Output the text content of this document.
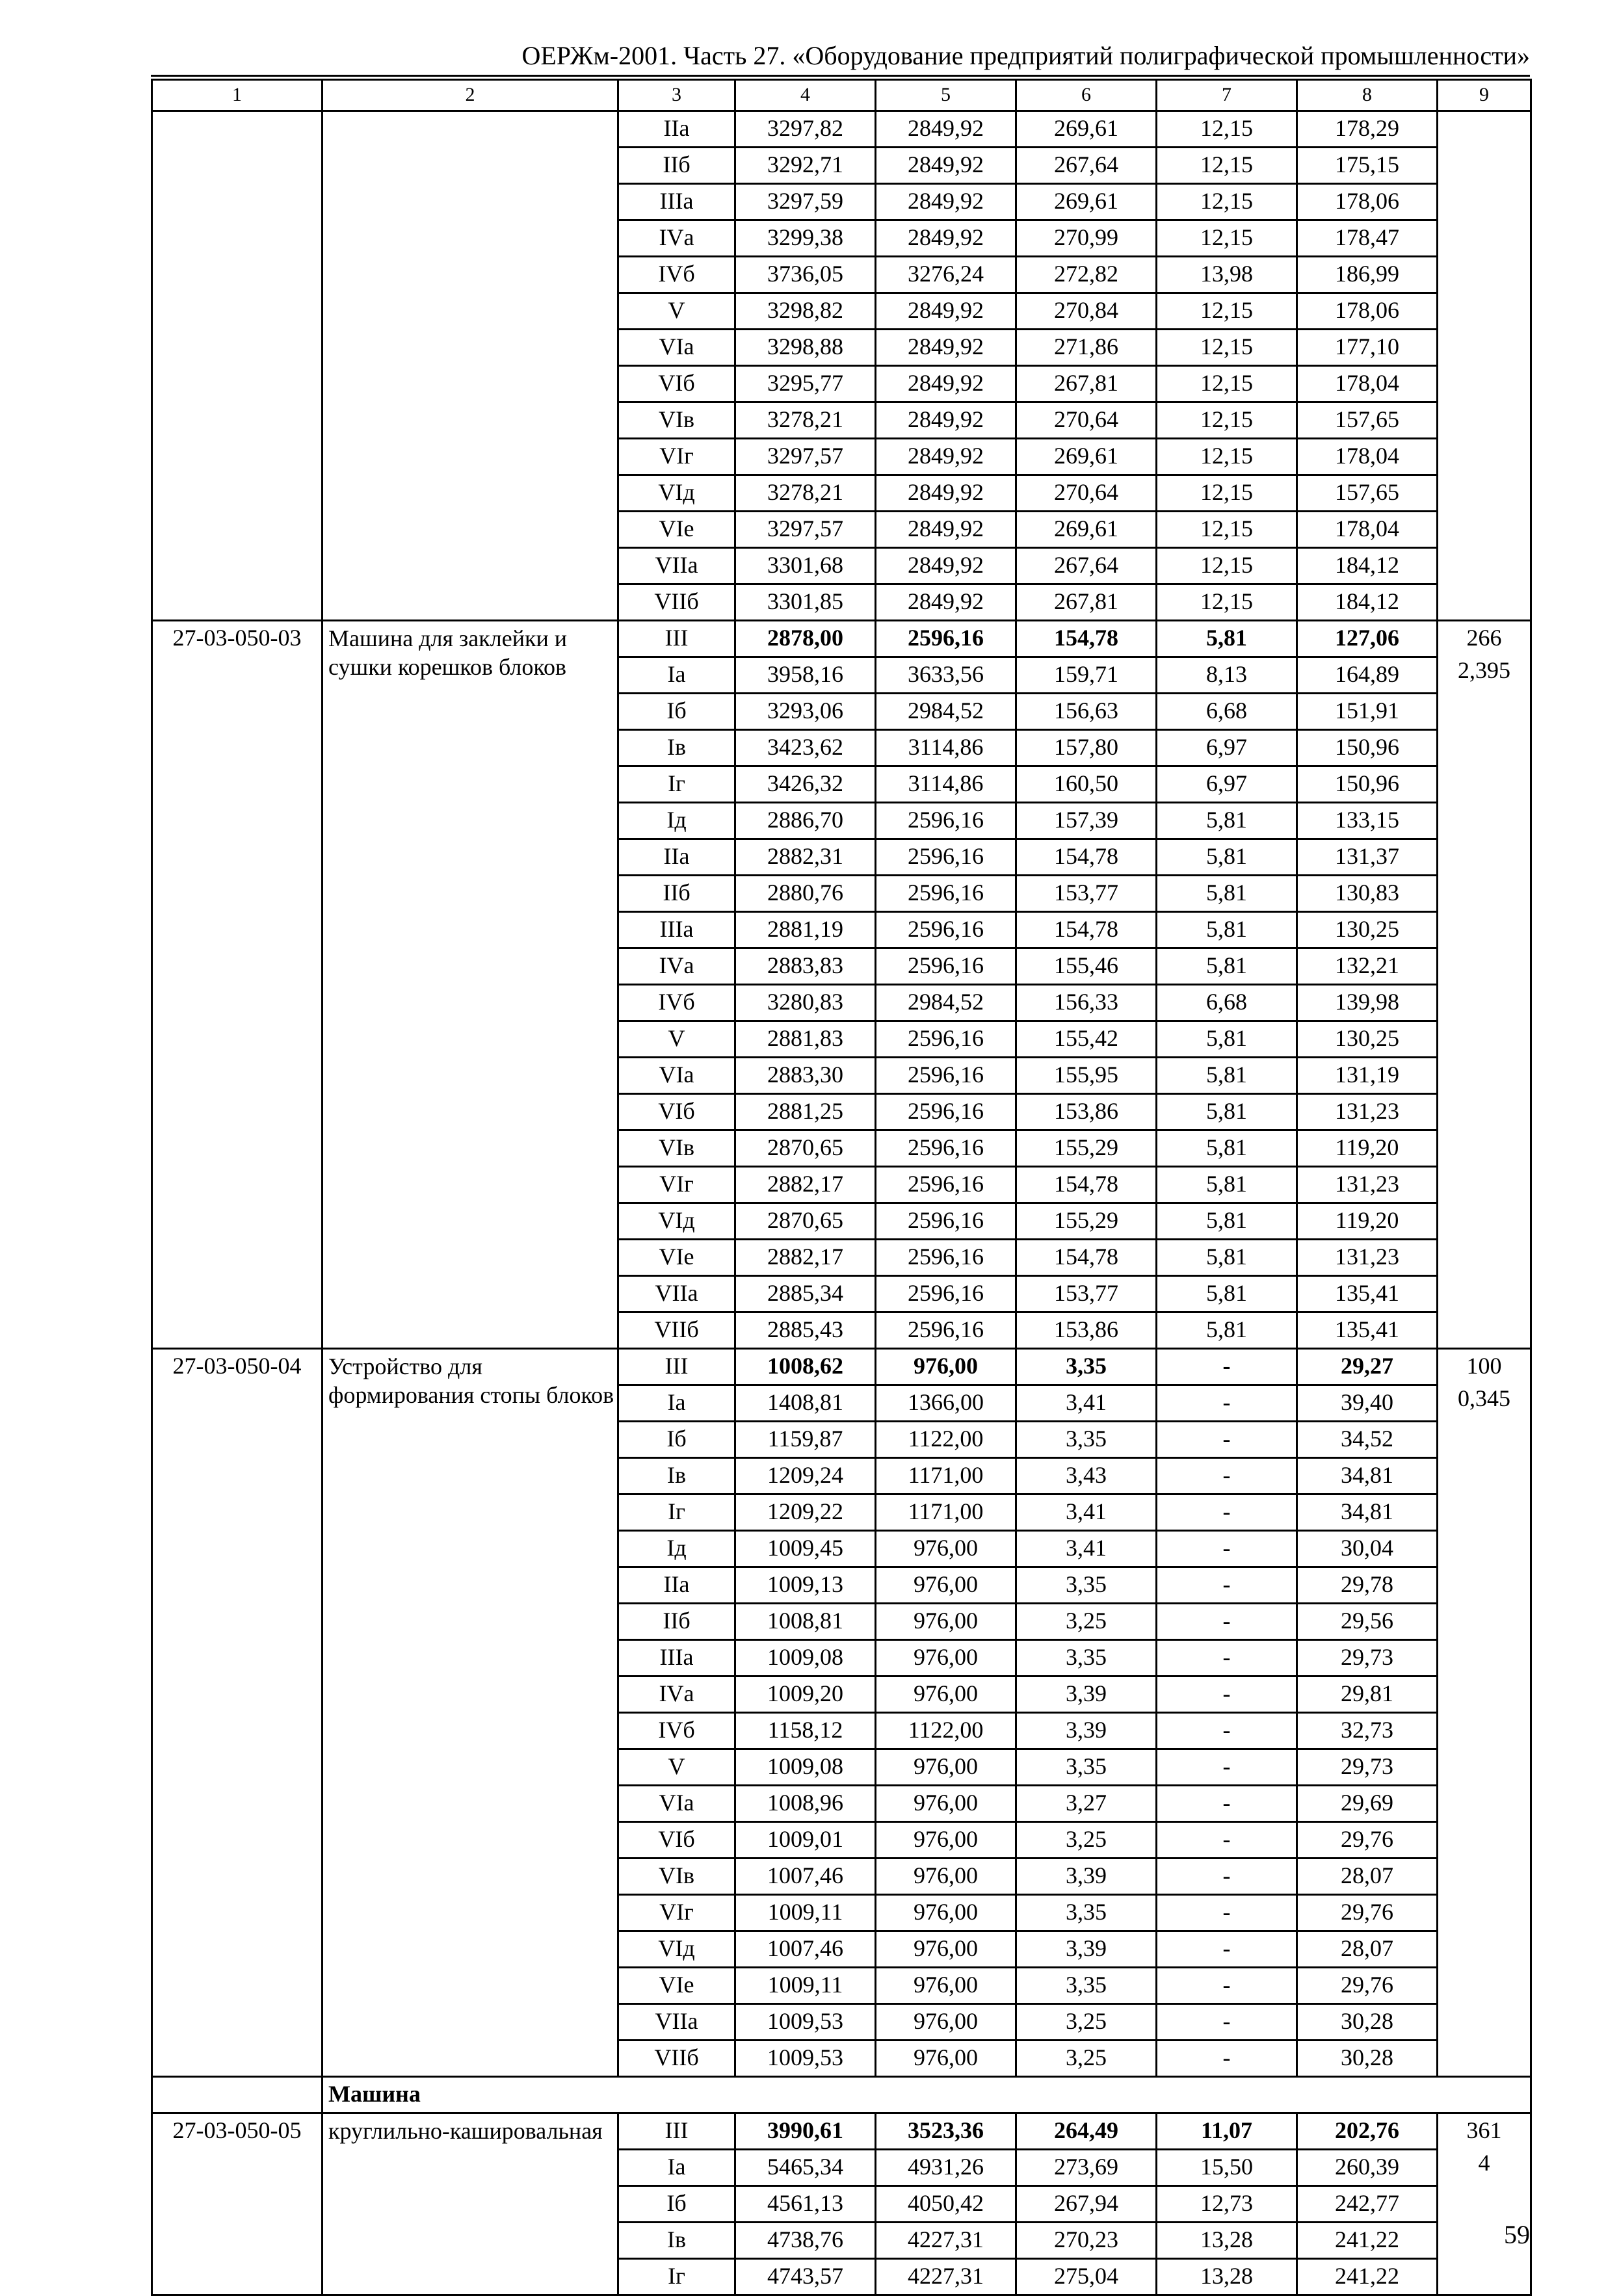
ОЕРЖм-2001. Часть 27. «Оборудование предприятий полиграфической промышленности»
1	2	3	4	5	6	7	8	9
		IIа	3297,82	2849,92	269,61	12,15	178,29	
		IIб	3292,71	2849,92	267,64	12,15	175,15	
		IIIа	3297,59	2849,92	269,61	12,15	178,06	
		IVа	3299,38	2849,92	270,99	12,15	178,47	
		IVб	3736,05	3276,24	272,82	13,98	186,99	
		V	3298,82	2849,92	270,84	12,15	178,06	
		VIа	3298,88	2849,92	271,86	12,15	177,10	
		VIб	3295,77	2849,92	267,81	12,15	178,04	
		VIв	3278,21	2849,92	270,64	12,15	157,65	
		VIг	3297,57	2849,92	269,61	12,15	178,04	
		VIд	3278,21	2849,92	270,64	12,15	157,65	
		VIе	3297,57	2849,92	269,61	12,15	178,04	
		VIIа	3301,68	2849,92	267,64	12,15	184,12	
		VIIб	3301,85	2849,92	267,81	12,15	184,12	
27-03-050-03	Машина для заклейки и сушки корешков блоков	III	2878,00	2596,16	154,78	5,81	127,06	266
2,395

		Iа	3958,16	3633,56	159,71	8,13	164,89	
		Iб	3293,06	2984,52	156,63	6,68	151,91	
		Iв	3423,62	3114,86	157,80	6,97	150,96	
		Iг	3426,32	3114,86	160,50	6,97	150,96	
		Iд	2886,70	2596,16	157,39	5,81	133,15	
		IIа	2882,31	2596,16	154,78	5,81	131,37	
		IIб	2880,76	2596,16	153,77	5,81	130,83	
		IIIа	2881,19	2596,16	154,78	5,81	130,25	
		IVа	2883,83	2596,16	155,46	5,81	132,21	
		IVб	3280,83	2984,52	156,33	6,68	139,98	
		V	2881,83	2596,16	155,42	5,81	130,25	
		VIа	2883,30	2596,16	155,95	5,81	131,19	
		VIб	2881,25	2596,16	153,86	5,81	131,23	
		VIв	2870,65	2596,16	155,29	5,81	119,20	
		VIг	2882,17	2596,16	154,78	5,81	131,23	
		VIд	2870,65	2596,16	155,29	5,81	119,20	
		VIе	2882,17	2596,16	154,78	5,81	131,23	
		VIIа	2885,34	2596,16	153,77	5,81	135,41	
		VIIб	2885,43	2596,16	153,86	5,81	135,41	
27-03-050-04	Устройство для формирования стопы блоков	III	1008,62	976,00	3,35	-	29,27	100
0,345

		Iа	1408,81	1366,00	3,41	-	39,40	
		Iб	1159,87	1122,00	3,35	-	34,52	
		Iв	1209,24	1171,00	3,43	-	34,81	
		Iг	1209,22	1171,00	3,41	-	34,81	
		Iд	1009,45	976,00	3,41	-	30,04	
		IIа	1009,13	976,00	3,35	-	29,78	
		IIб	1008,81	976,00	3,25	-	29,56	
		IIIа	1009,08	976,00	3,35	-	29,73	
		IVа	1009,20	976,00	3,39	-	29,81	
		IVб	1158,12	1122,00	3,39	-	32,73	
		V	1009,08	976,00	3,35	-	29,73	
		VIа	1008,96	976,00	3,27	-	29,69	
		VIб	1009,01	976,00	3,25	-	29,76	
		VIв	1007,46	976,00	3,39	-	28,07	
		VIг	1009,11	976,00	3,35	-	29,76	
		VIд	1007,46	976,00	3,39	-	28,07	
		VIе	1009,11	976,00	3,35	-	29,76	
		VIIа	1009,53	976,00	3,25	-	30,28	
		VIIб	1009,53	976,00	3,25	-	30,28	
	Машина							
27-03-050-05	круглильно-кашировальная	III	3990,61	3523,36	264,49	11,07	202,76	361
4

		Iа	5465,34	4931,26	273,69	15,50	260,39	
		Iб	4561,13	4050,42	267,94	12,73	242,77	
		Iв	4738,76	4227,31	270,23	13,28	241,22	
		Iг	4743,57	4227,31	275,04	13,28	241,22	
59
